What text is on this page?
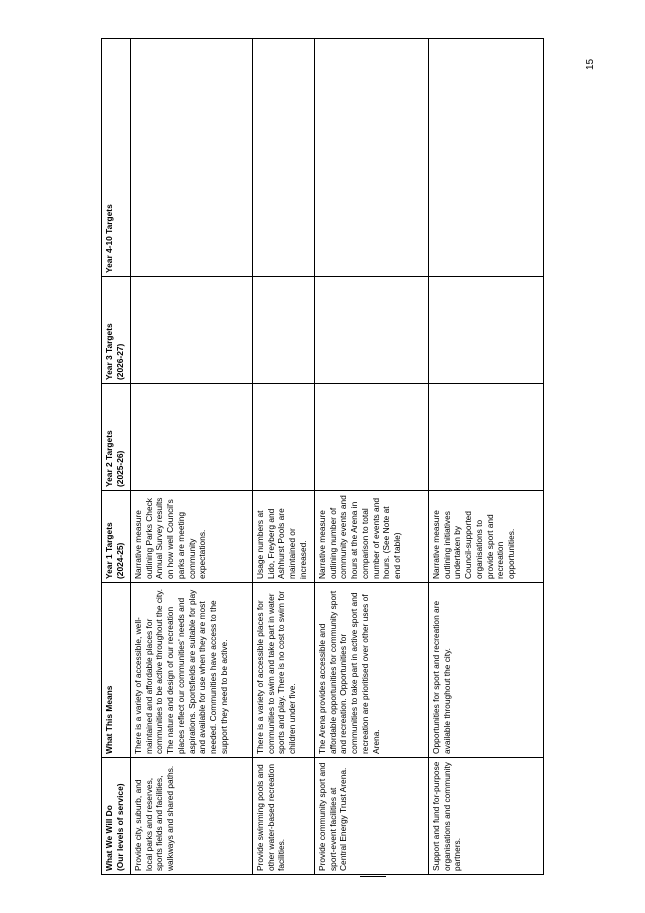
What We Will Do (Our levels of service)	What This Means	Year 1 Targets (2024-25)	Year 2 Targets (2025-26)	Year 3 Targets (2026-27)	Year 4-10 Targets
Provide city, suburb, and local parks and reserves, sports fields and facilities, walkways and shared paths.	There is a variety of accessible, well-maintained and affordable places for communities to be active throughout the city. The nature and design of our recreation places reflect our communities' needs and aspirations. Sportsfields are suitable for play and available for use when they are most needed. Communities have access to the support they need to be active.	Narrative measure outlining Parks Check Annual Survey results on how well Council's parks are meeting community expectations.			
Provide swimming pools and other water-based recreation facilities.	There is a variety of accessible places for communities to swim and take part in water sports and play. There is no cost to swim for children under five.	Usage numbers at Lido, Freyberg and Ashhurst Pools are maintained or increased.			
Provide community sport and sport-event facilities at Central Energy Trust Arena.	The Arena provides accessible and affordable opportunities for community sport and recreation. Opportunities for communities to take part in active sport and recreation are prioritised over other uses of Arena.	Narrative measure outlining number of community events and hours at the Arena in comparison to total number of events and hours. (See Note at end of table)			
Support and fund for-purpose organisations and community partners.	Opportunities for sport and recreation are available throughout the city.	Narrative measure outlining initiatives undertaken by Council-supported organisations to provide sport and recreation opportunities.			
15
